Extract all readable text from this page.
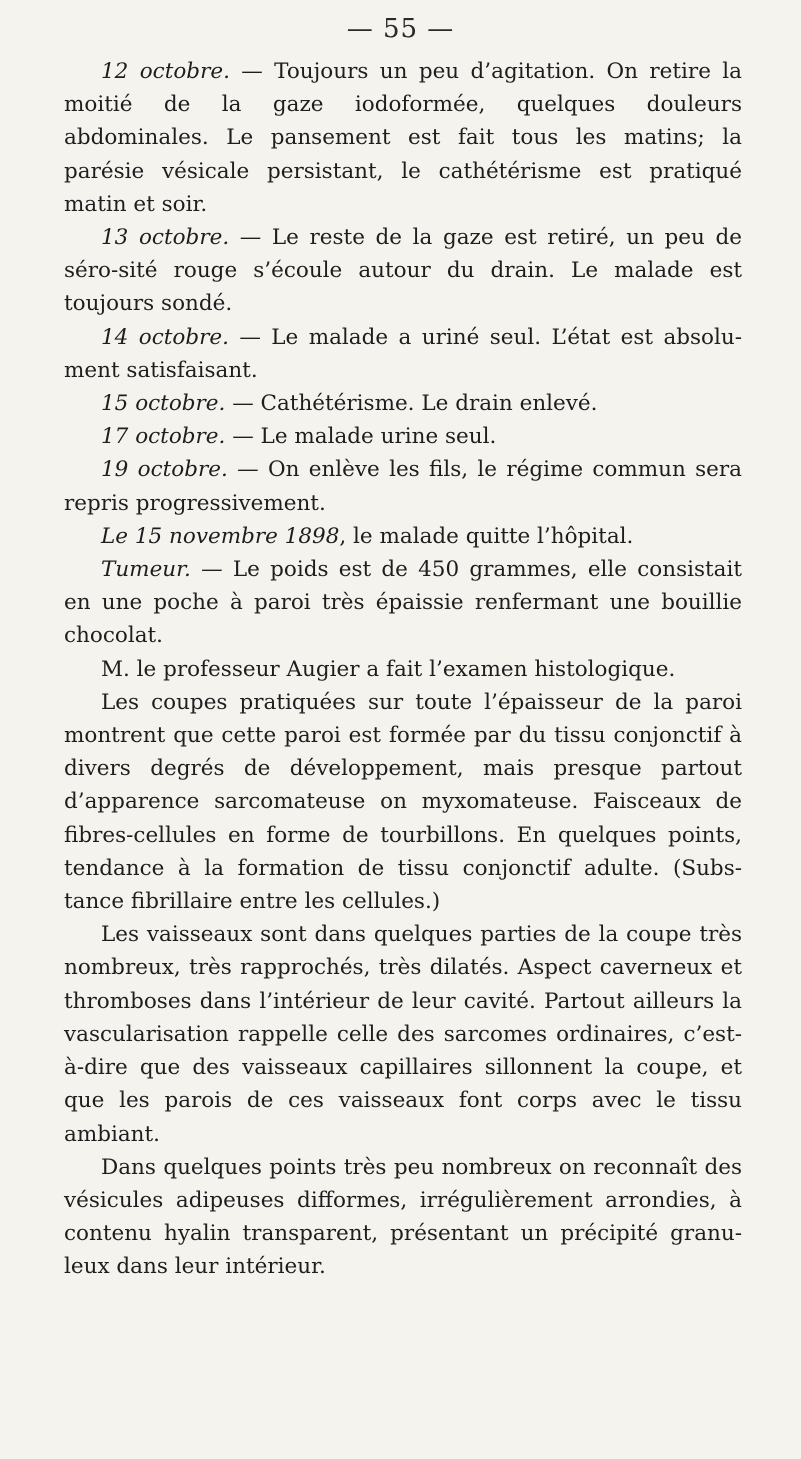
— 55 —

12 octobre. — Toujours un peu d’agitation. On retire la moitié de la gaze iodoformée, quelques douleurs abdominales. Le pansement est fait tous les matins; la parésie vésicale persistant, le cathétérisme est pratiqué matin et soir.

13 octobre. — Le reste de la gaze est retiré, un peu de séro-sité rouge s’écoule autour du drain. Le malade est toujours sondé.

14 octobre. — Le malade a uriné seul. L’état est absolu-ment satisfaisant.

15 octobre. — Cathétérisme. Le drain enlevé.

17 octobre. — Le malade urine seul.

19 octobre. — On enlève les fils, le régime commun sera repris progressivement.

Le 15 novembre 1898, le malade quitte l’hôpital.

Tumeur. — Le poids est de 450 grammes, elle consistait en une poche à paroi très épaissie renfermant une bouillie chocolat.

M. le professeur Augier a fait l’examen histologique.

Les coupes pratiquées sur toute l’épaisseur de la paroi montrent que cette paroi est formée par du tissu conjonctif à divers degrés de développement, mais presque partout d’apparence sarcomateuse on myxomateuse. Faisceaux de fibres-cellules en forme de tourbillons. En quelques points, tendance à la formation de tissu conjonctif adulte. (Subs-tance fibrillaire entre les cellules.)

Les vaisseaux sont dans quelques parties de la coupe très nombreux, très rapprochés, très dilatés. Aspect caverneux et thromboses dans l’intérieur de leur cavité. Partout ailleurs la vascularisation rappelle celle des sarcomes ordinaires, c’est-à-dire que des vaisseaux capillaires sillonnent la coupe, et que les parois de ces vaisseaux font corps avec le tissu ambiant.

Dans quelques points très peu nombreux on reconnaît des vésicules adipeuses difformes, irrégulièrement arrondies, à contenu hyalin transparent, présentant un précipité granu-leux dans leur intérieur.
